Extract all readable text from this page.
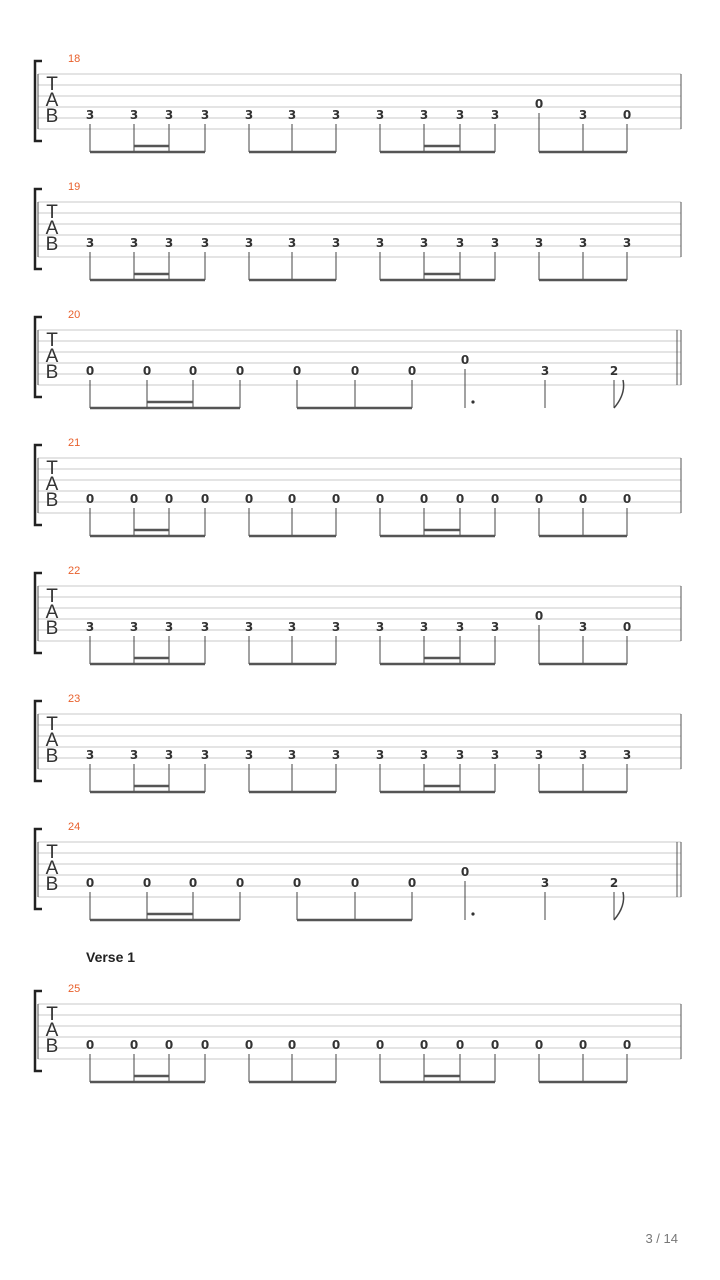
18
T
A
B 3	3 3 3	3	3	3	3	3 3 3
0
3	0
19
T
A
B 3	3 3 3	3	3	3	3	3 3 3	3	3	3
20
T
A
B 0	0	0	0	0	0	0
0
3	2
21
T
A
B 0	0 0 0	0	0	0	0	0 0 0	0	0	0
22
T
A
B 3	3 3 3	3	3	3	3	3 3 3
0
3	0
23
T
A
B 3	3 3 3	3	3	3	3	3 3 3	3	3	3
24
T
A
B 0	0	0	0	0	0	0
0
3	2
25
T
A
B 0	0 0 0	0	0	0	0	0 0 0	0	0	0
Verse 1
3 / 14
